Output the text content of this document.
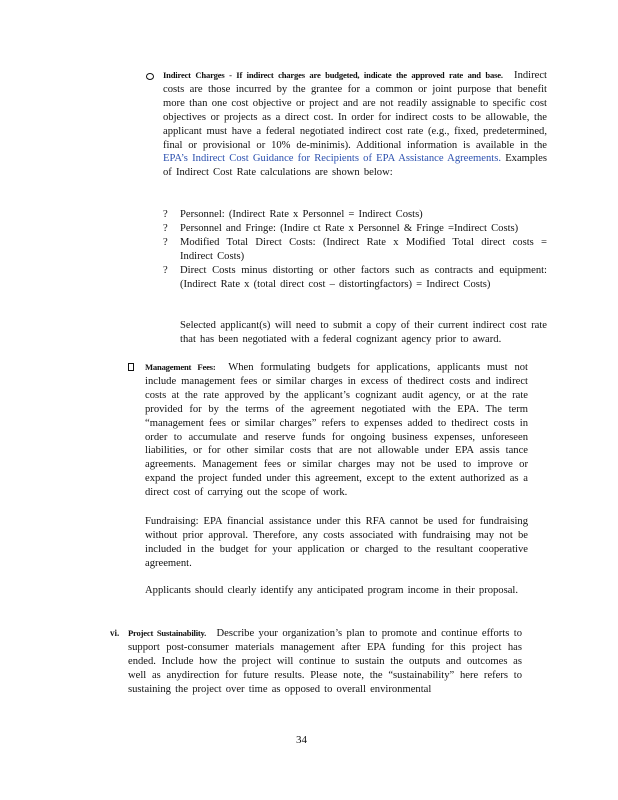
Indirect Charges - If indirect charges are budgeted, indicate the approved rate and base. Indirect costs are those incurred by the grantee for a common or joint purpose that benefit more than one cost objective or project and are not readily assignable to specific cost objectives or projects as a direct cost. In order for indirect costs to be allowable, the applicant must have a federal negotiated indirect cost rate (e.g., fixed, predetermined, final or provisional or 10% de-minimis). Additional information is available in the EPA’s Indirect Cost Guidance for Recipients of EPA Assistance Agreements. Examples of Indirect Cost Rate calculations are shown below:
? Personnel: (Indirect Rate x Personnel = Indirect Costs)
? Personnel and Fringe: (Indire ct Rate x Personnel & Fringe =Indirect Costs)
? Modified Total Direct Costs: (Indirect Rate x Modified Total direct costs = Indirect Costs)
? Direct Costs minus distorting or other factors such as contracts and equipment: (Indirect Rate x (total direct cost – distortingfactors) = Indirect Costs)
Selected applicant(s) will need to submit a copy of their current indirect cost rate that has been negotiated with a federal cognizant agency prior to award.
Management Fees: When formulating budgets for applications, applicants must not include management fees or similar charges in excess of thedirect costs and indirect costs at the rate approved by the applicant’s cognizant audit agency, or at the rate provided for by the terms of the agreement negotiated with the EPA. The term “management fees or similar charges” refers to expenses added to thedirect costs in order to accumulate and reserve funds for ongoing business expenses, unforeseen liabilities, or for other similar costs that are not allowable under EPA assis tance agreements. Management fees or similar charges may not be used to improve or expand the project funded under this agreement, except to the extent authorized as a direct cost of carrying out the scope of work.
Fundraising: EPA financial assistance under this RFA cannot be used for fundraising without prior approval. Therefore, any costs associated with fundraising may not be included in the budget for your application or charged to the resultant cooperative agreement.
Applicants should clearly identify any anticipated program income in their proposal.
vi. Project Sustainability. Describe your organization’s plan to promote and continue efforts to support post-consumer materials management after EPA funding for this project has ended. Include how the project will continue to sustain the outputs and outcomes as well as anydirection for future results. Please note, the “sustainability” here refers to sustaining the project over time as opposed to overall environmental
34
